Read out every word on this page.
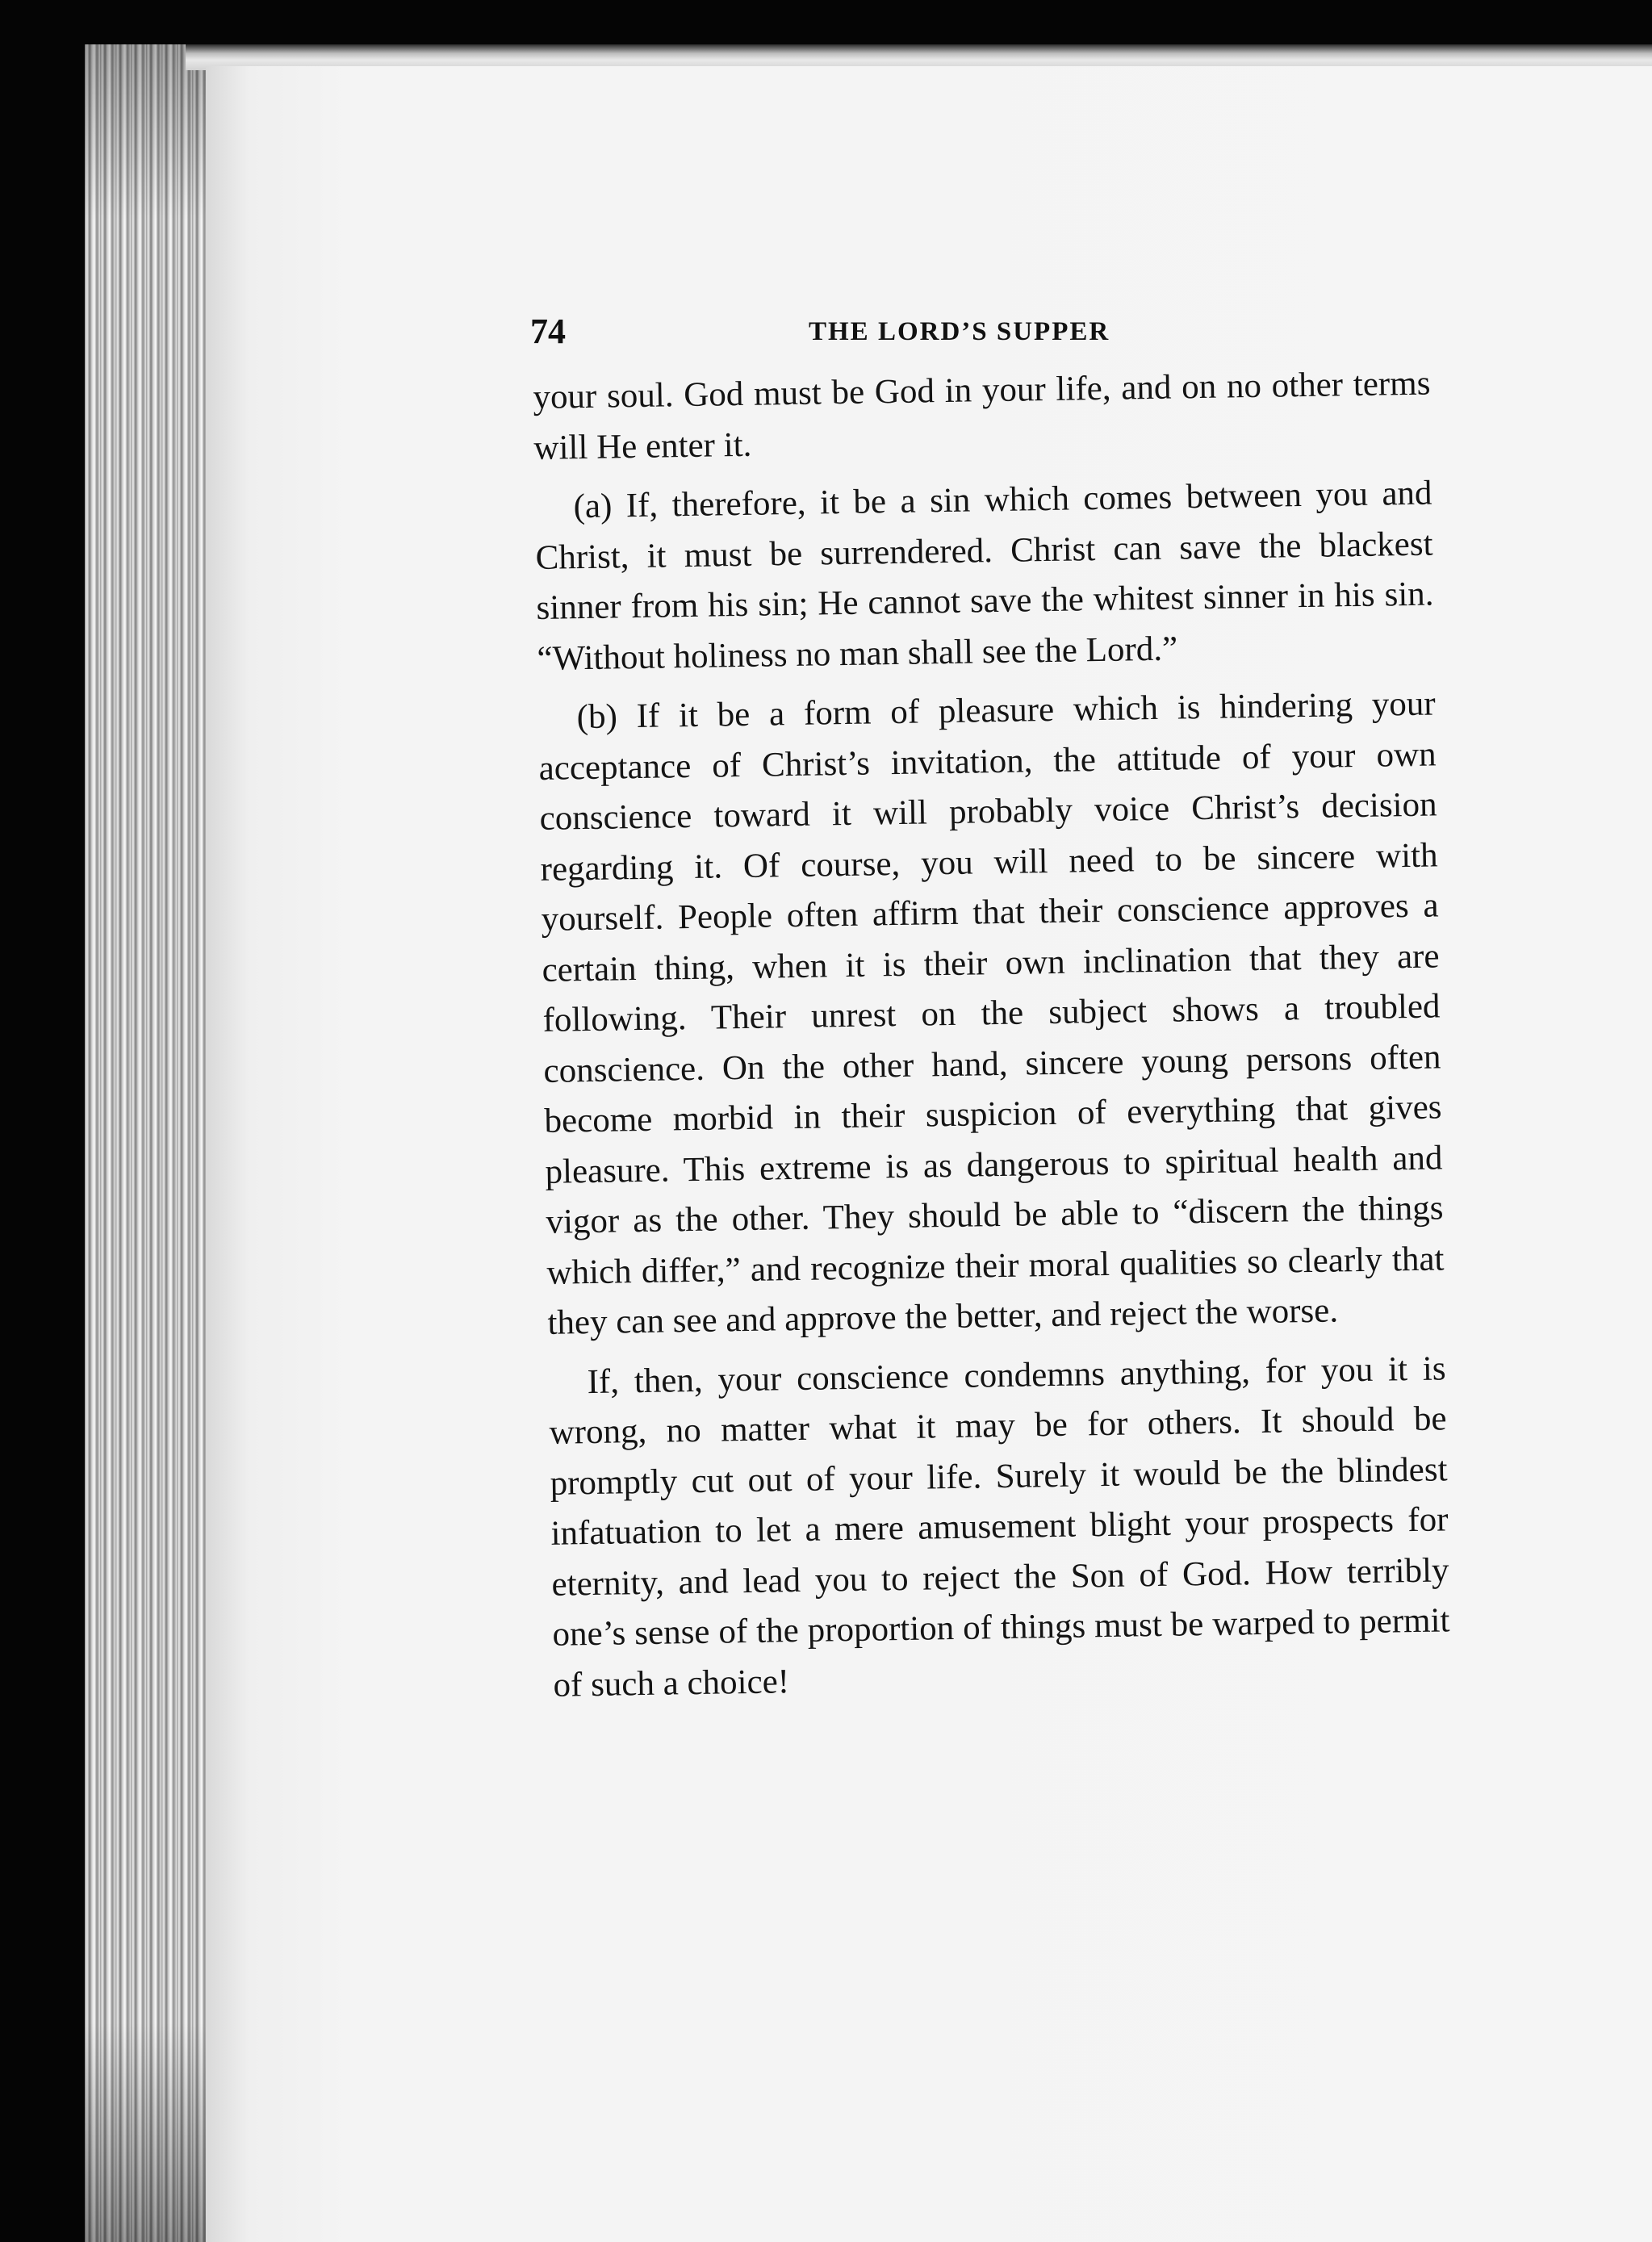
74	THE LORD’S SUPPER

your soul. God must be God in your life, and on no other terms will He enter it.

(a) If, therefore, it be a sin which comes between you and Christ, it must be surrendered. Christ can save the blackest sinner from his sin; He cannot save the whitest sinner in his sin. “Without holiness no man shall see the Lord.”

(b) If it be a form of pleasure which is hindering your acceptance of Christ’s invitation, the attitude of your own conscience toward it will probably voice Christ’s decision regarding it. Of course, you will need to be sincere with yourself. People often affirm that their conscience approves a certain thing, when it is their own inclination that they are following. Their unrest on the subject shows a troubled conscience. On the other hand, sincere young persons often become morbid in their suspicion of everything that gives pleasure. This extreme is as dangerous to spiritual health and vigor as the other. They should be able to “discern the things which differ,” and recognize their moral qualities so clearly that they can see and approve the better, and reject the worse.

If, then, your conscience condemns anything, for you it is wrong, no matter what it may be for others. It should be promptly cut out of your life. Surely it would be the blindest infatuation to let a mere amusement blight your prospects for eternity, and lead you to reject the Son of God. How terribly one’s sense of the proportion of things must be warped to permit of such a choice!
